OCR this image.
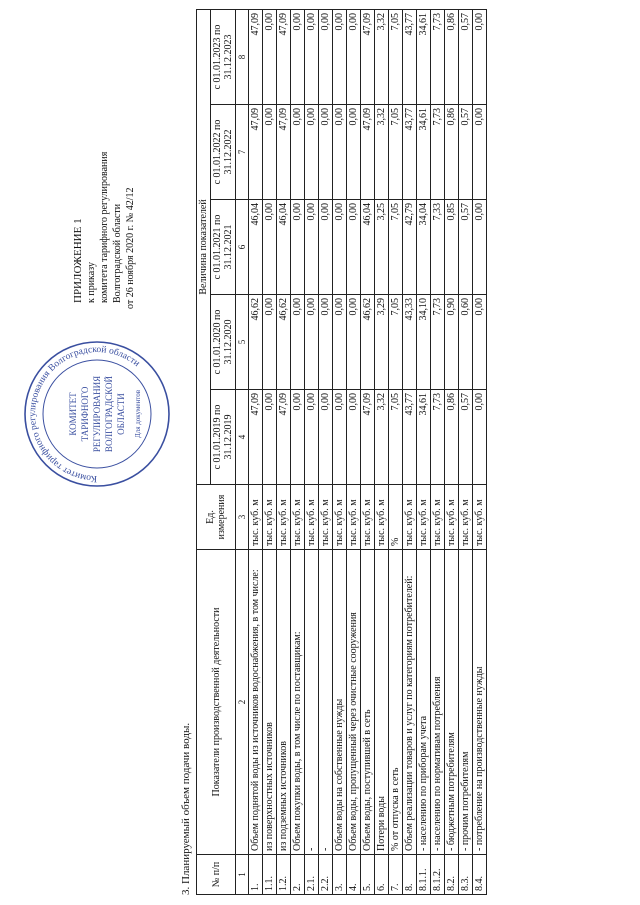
ПРИЛОЖЕНИЕ 1 к приказу комитета тарифного регулирования Волгоградской области от 26 ноября 2020 г. № 42/12
Комитет тарифного регулирования Волгоградской области
КОМИТЕТ ТАРИФНОГО РЕГУЛИРОВАНИЯ ВОЛГОГРАДСКОЙ ОБЛАСТИ Для документов
3. Планируемый объем подачи воды. № п/п	Показатели производственной деятельности	Ед. измерения	Величина показателей				
			с 01.01.2019 по 31.12.2019	с 01.01.2020 по 31.12.2020	с 01.01.2021 по 31.12.2021	с 01.01.2022 по 31.12.2022	с 01.01.2023 по 31.12.2023
1	2	3	4	5	6	7	8
1.	Объем поднятой воды из источников водоснабжения, в том числе:	тыс. куб. м	47,09	46,62	46,04	47,09	47,09
1.1.	из поверхностных источников	тыс. куб. м	0,00	0,00	0,00	0,00	0,00
1.2.	из подземных источников	тыс. куб. м	47,09	46,62	46,04	47,09	47,09
2.	Объем покупки воды, в том числе по поставщикам:	тыс. куб. м	0,00	0,00	0,00	0,00	0,00
2.1.	-	тыс. куб. м	0,00	0,00	0,00	0,00	0,00
2.2.	-	тыс. куб. м	0,00	0,00	0,00	0,00	0,00
3.	Объем воды на собственные нужды	тыс. куб. м	0,00	0,00	0,00	0,00	0,00
4.	Объем воды, пропущенный через очистные сооружения	тыс. куб. м	0,00	0,00	0,00	0,00	0,00
5.	Объем воды, поступившей в сеть	тыс. куб. м	47,09	46,62	46,04	47,09	47,09
6.	Потери воды	тыс. куб. м	3,32	3,29	3,25	3,32	3,32
7.	% от отпуска в сеть	%	7,05	7,05	7,05	7,05	7,05
8.	Объем реализации товаров и услуг по категориям потребителей:	тыс. куб. м	43,77	43,33	42,79	43,77	43,77
8.1.1.	- населению по приборам учета	тыс. куб. м	34,61	34,10	34,04	34,61	34,61
8.1.2.	- населению по нормативам потребления	тыс. куб. м	7,73	7,73	7,33	7,73	7,73
8.2.	- бюджетным потребителям	тыс. куб. м	0,86	0,90	0,85	0,86	0,86
8.3.	- прочим потребителям	тыс. куб. м	0,57	0,60	0,57	0,57	0,57
8.4.	- потребление на производственные нужды	тыс. куб. м	0,00	0,00	0,00	0,00	0,00
